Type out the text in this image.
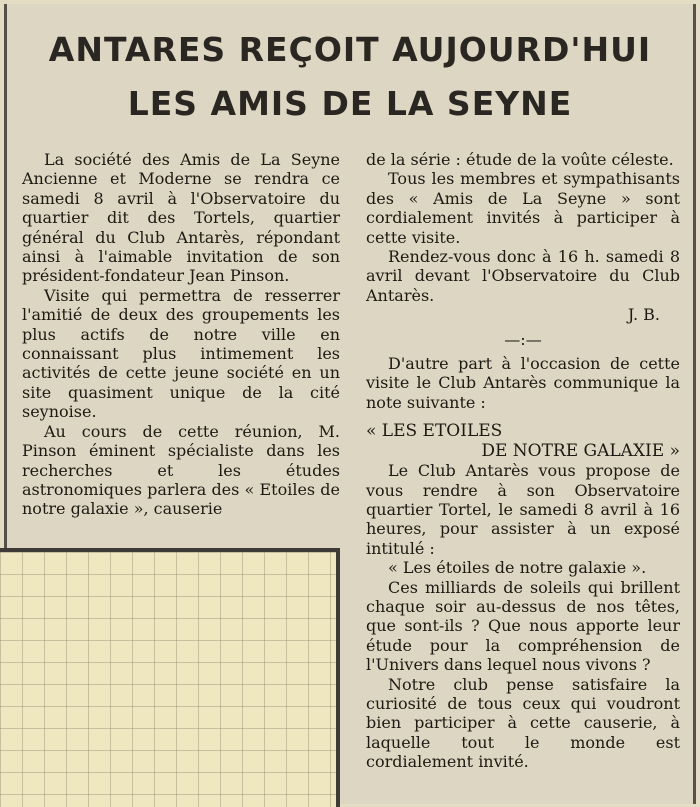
ANTARES REÇOIT AUJOURD'HUI
LES AMIS DE LA SEYNE

La société des Amis de La Seyne Ancienne et Moderne se rendra ce samedi 8 avril à l'Observatoire du quartier dit des Tortels, quartier général du Club Antarès, répondant ainsi à l'aimable invitation de son président-fondateur Jean Pinson.

Visite qui permettra de resserrer l'amitié de deux des groupements les plus actifs de notre ville en connaissant plus intimement les activités de cette jeune société en un site quasiment unique de la cité seynoise.

Au cours de cette réunion, M. Pinson éminent spécialiste dans les recherches et les études astronomiques parlera des « Etoiles de notre galaxie », causerie

de la série : étude de la voûte céleste.

Tous les membres et sympathisants des « Amis de La Seyne » sont cordialement invités à participer à cette visite.

Rendez-vous donc à 16 h. samedi 8 avril devant l'Observatoire du Club Antarès.

J. B.

—:—

D'autre part à l'occasion de cette visite le Club Antarès communique la note suivante :

« LES ETOILES

DE NOTRE GALAXIE »

Le Club Antarès vous propose de vous rendre à son Observatoire quartier Tortel, le samedi 8 avril à 16 heures, pour assister à un exposé intitulé :

« Les étoiles de notre galaxie ».

Ces milliards de soleils qui brillent chaque soir au-dessus de nos têtes, que sont-ils ? Que nous apporte leur étude pour la compréhension de l'Univers dans lequel nous vivons ?

Notre club pense satisfaire la curiosité de tous ceux qui voudront bien participer à cette causerie, à laquelle tout le monde est cordialement invité.
